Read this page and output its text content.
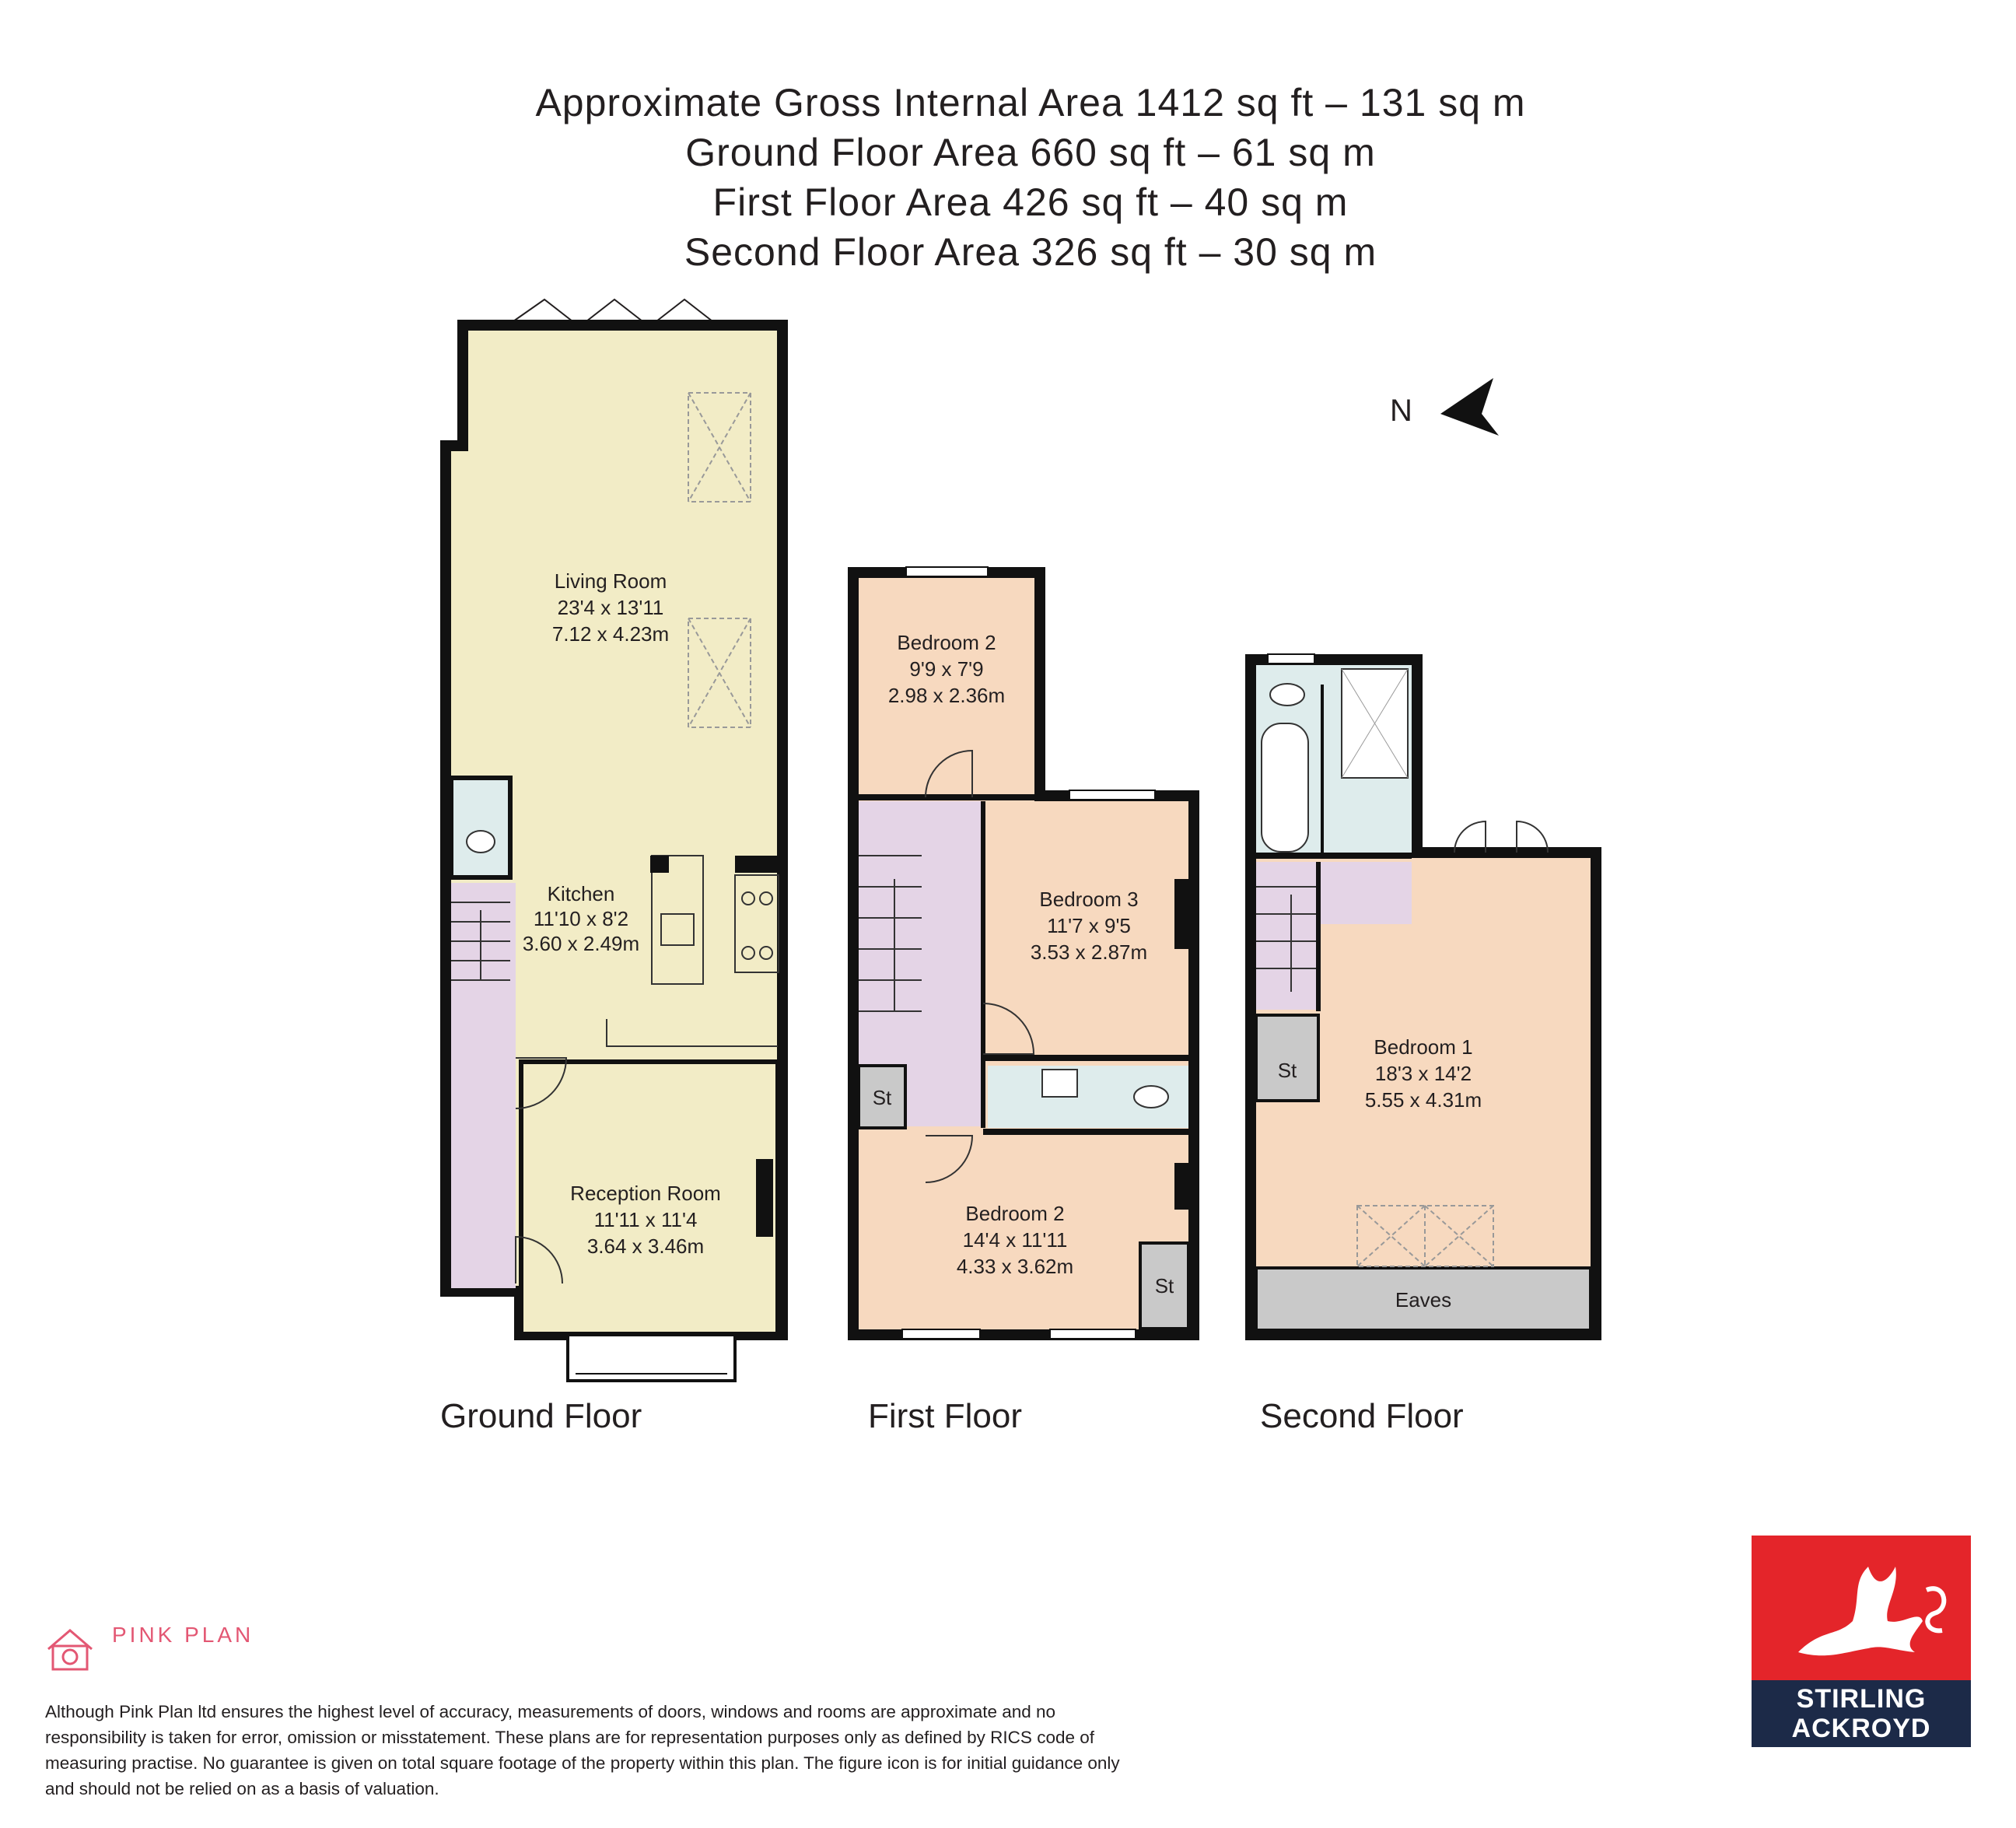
Approximate Gross Internal Area 1412 sq ft – 131 sq m
Ground Floor Area 660 sq ft – 61 sq m
First Floor Area 426 sq ft – 40 sq m
Second Floor Area 326 sq ft – 30 sq m
Living Room
23'4 x 13'11
7.12 x 4.23m
Kitchen
11'10 x 8'2
3.60 x 2.49m
Reception Room
11'11 x 11'4
3.64 x 3.46m
Bedroom 2
9'9 x 7'9
2.98 x 2.36m
Bedroom 3
11'7 x 9'5
3.53 x 2.87m
Bedroom 2
14'4 x 11'11
4.33 x 3.62m
St
St
Bedroom 1
18'3 x 14'2
5.55 x 4.31m
St
Eaves
N
Ground Floor	First Floor	Second Floor
PINK PLAN
Although Pink Plan ltd ensures the highest level of accuracy, measurements of doors, windows and rooms are approximate and no responsibility is taken for error, omission or misstatement. These plans are for representation purposes only as defined by RICS code of measuring practise. No guarantee is given on total square footage of the property within this plan. The figure icon is for initial guidance only and should not be relied on as a basis of valuation.
STIRLING
ACKROYD
